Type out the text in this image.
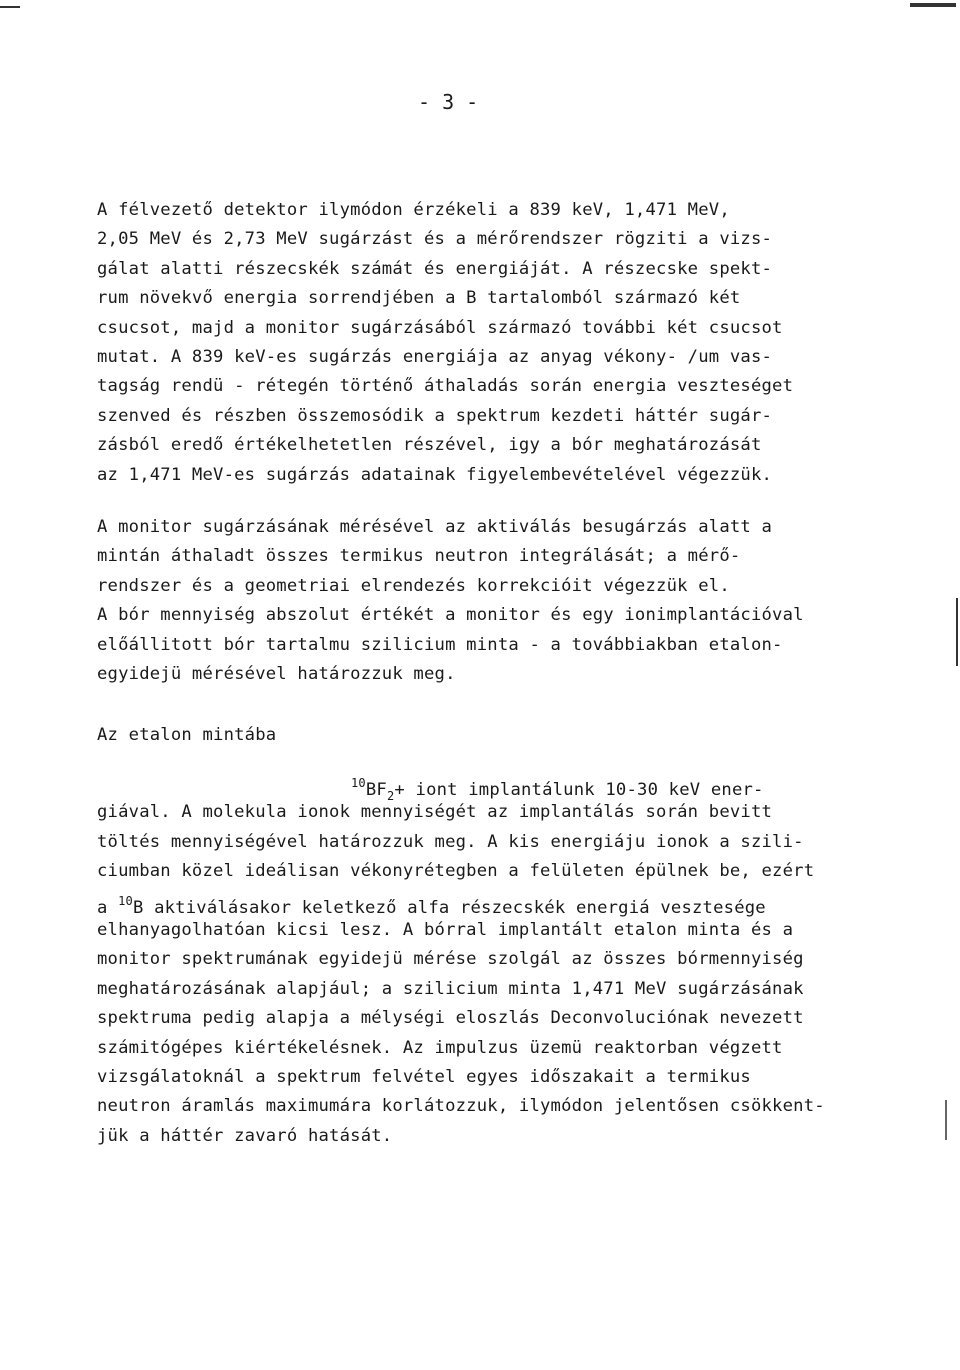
- 3 -
A félvezető detektor ilymódon érzékeli a 839 keV, 1,471 MeV,
2,05 MeV és 2,73 MeV sugárzást és a mérőrendszer rögziti a vizs-
gálat alatti részecskék számát és energiáját. A részecske spekt-
rum növekvő energia sorrendjében a B tartalomból származó két
csucsot, majd a monitor sugárzásából származó további két csucsot
mutat. A 839 keV-es sugárzás energiája az anyag vékony- /um vas-
tagság rendü - rétegén történő áthaladás során energia veszteséget
szenved és részben összemosódik a spektrum kezdeti háttér sugár-
zásból eredő értékelhetetlen részével, igy a bór meghatározását
az 1,471 MeV-es sugárzás adatainak figyelembevételével végezzük.
A monitor sugárzásának mérésével az aktiválás besugárzás alatt a
mintán áthaladt összes termikus neutron integrálását; a mérő-
rendszer és a geometriai elrendezés korrekcióit végezzük el.
A bór mennyiség abszolut értékét a monitor és egy ionimplantációval
előállitott bór tartalmu szilicium minta - a továbbiakban etalon-
egyidejü mérésével határozzuk meg.
Az etalon mintába
$^{10}BF_2+$ iont implantálunk 10-30 keV ener-
giával. A molekula ionok mennyiségét az implantálás során bevitt
töltés mennyiségével határozzuk meg. A kis energiáju ionok a szili-
ciumban közel ideálisan vékonyrétegben a felületen épülnek be, ezért
a $^{10}$B aktiválásakor keletkező alfa részecskék energiá vesztesége
elhanyagolhatóan kicsi lesz. A bórral implantált etalon minta és a
monitor spektrumának egyidejü mérése szolgál az összes bórmennyiség
meghatározásának alapjául; a szilicium minta 1,471 MeV sugárzásának
spektruma pedig alapja a mélységi eloszlás Deconvoluciónak nevezett
számitógépes kiértékelésnek. Az impulzus üzemü reaktorban végzett
vizsgálatoknál a spektrum felvétel egyes időszakait a termikus
neutron áramlás maximumára korlátozzuk, ilymódon jelentősen csökkent-
jük a háttér zavaró hatását.
